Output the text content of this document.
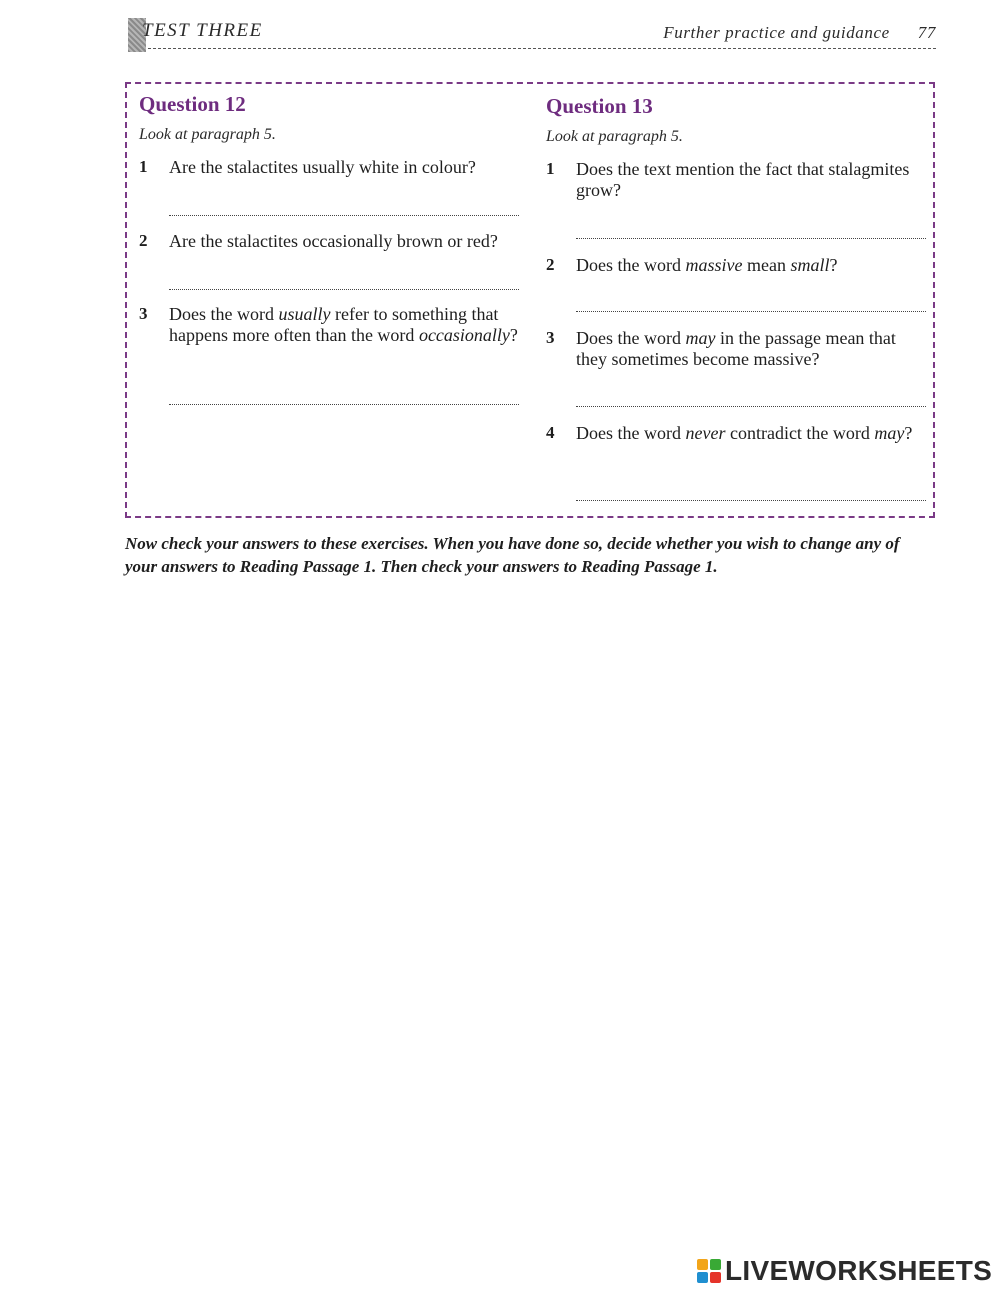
TEST THREE	Further practice and guidance 77
Question 12
Look at paragraph 5.
1 Are the stalactites usually white in colour?
2 Are the stalactites occasionally brown or red?
3 Does the word usually refer to something that happens more often than the word occasionally?
Question 13
Look at paragraph 5.
1 Does the text mention the fact that stalagmites grow?
2 Does the word massive mean small?
3 Does the word may in the passage mean that they sometimes become massive?
4 Does the word never contradict the word may?
Now check your answers to these exercises. When you have done so, decide whether you wish to change any of your answers to Reading Passage 1. Then check your answers to Reading Passage 1.
LIVEWORKSHEETS
